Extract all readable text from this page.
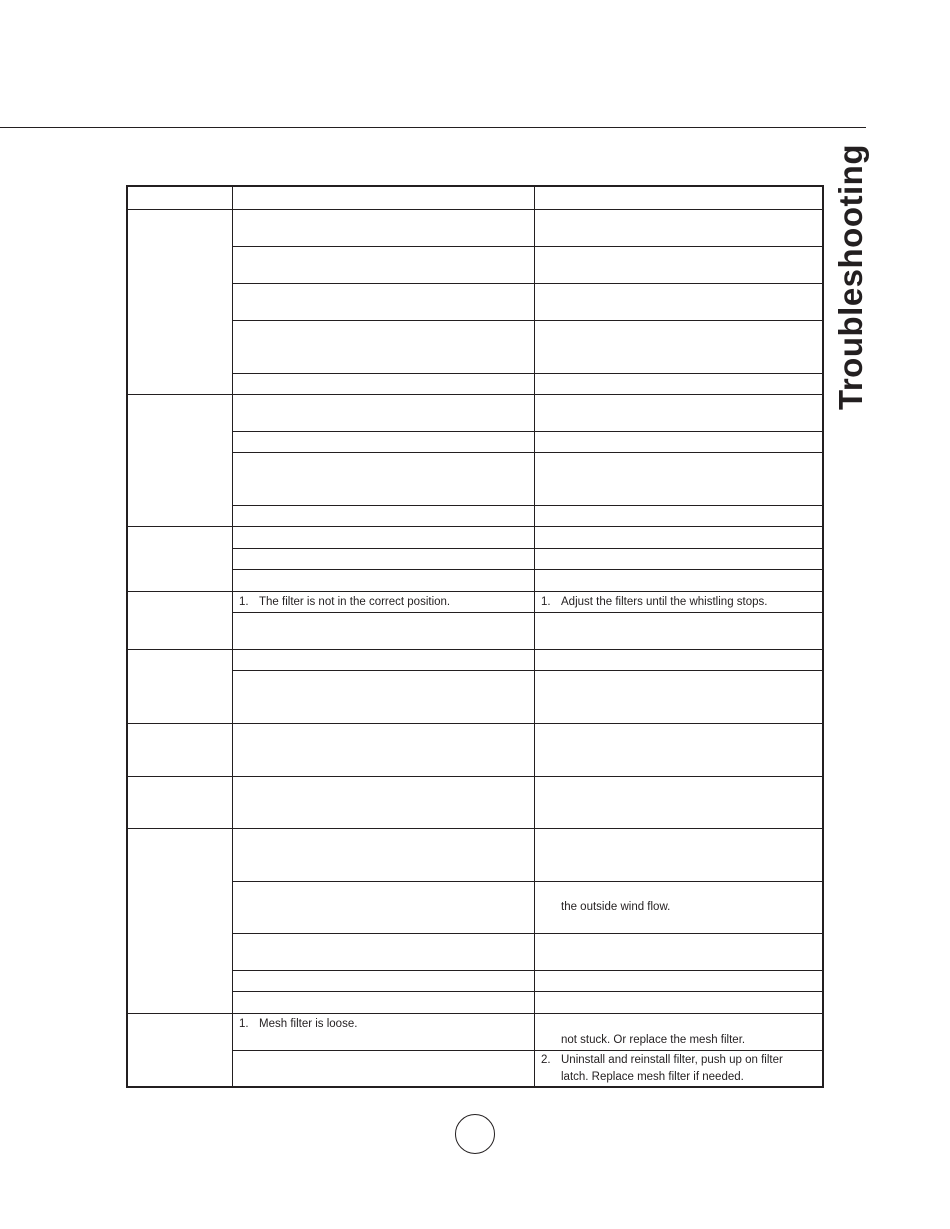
Troubleshooting
1. The filter is not in the correct position.	1. Adjust the filters until the whistling stops.
the outside wind flow.
1. Mesh filter is loose.
not stuck. Or replace the mesh filter.
2. Uninstall and reinstall filter, push up on filter
latch. Replace mesh filter if needed.
